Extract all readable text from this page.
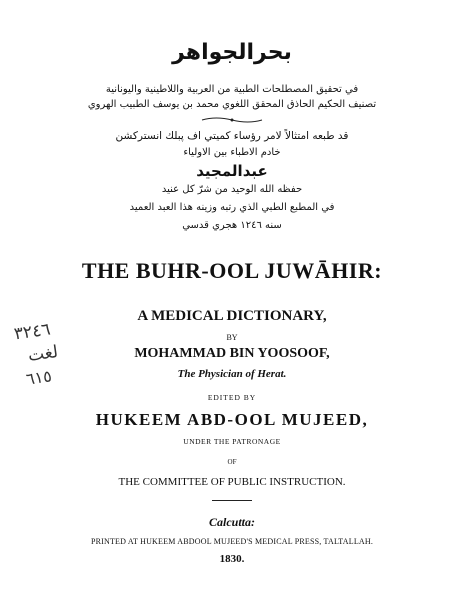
بحرالجواهر
في تحقيق المصطلحات الطبية من العربية واللاطينية واليونانية
تصنيف الحكيم الحاذق المحقق اللغوي محمد بن يوسف الطبيب الهروي
قد طبعه امتثالاً لامر رؤساء كميتي اف پبلك انستركشن
خادم الاطباء بين الاولياء
عبدالمجيد
حفظه الله الوحيد من شرّ كل عنيد
في المطبع الطبي الذي رتبه وزينه هذا العبد العميد
سنه ١٢٤٦ هجري قدسي
THE BUHR-OOL JUWĀHIR:
A MEDICAL DICTIONARY,
BY
MOHAMMAD BIN YOOSOOF,
The Physician of Herat.
EDITED BY
HUKEEM ABD-OOL MUJEED,
UNDER THE PATRONAGE
OF
THE COMMITTEE OF PUBLIC INSTRUCTION.
Calcutta:
PRINTED AT HUKEEM ABDOOL MUJEED'S MEDICAL PRESS, TALTALLAH.
1830.
٣٢٤٦
لغت
٦١٥
